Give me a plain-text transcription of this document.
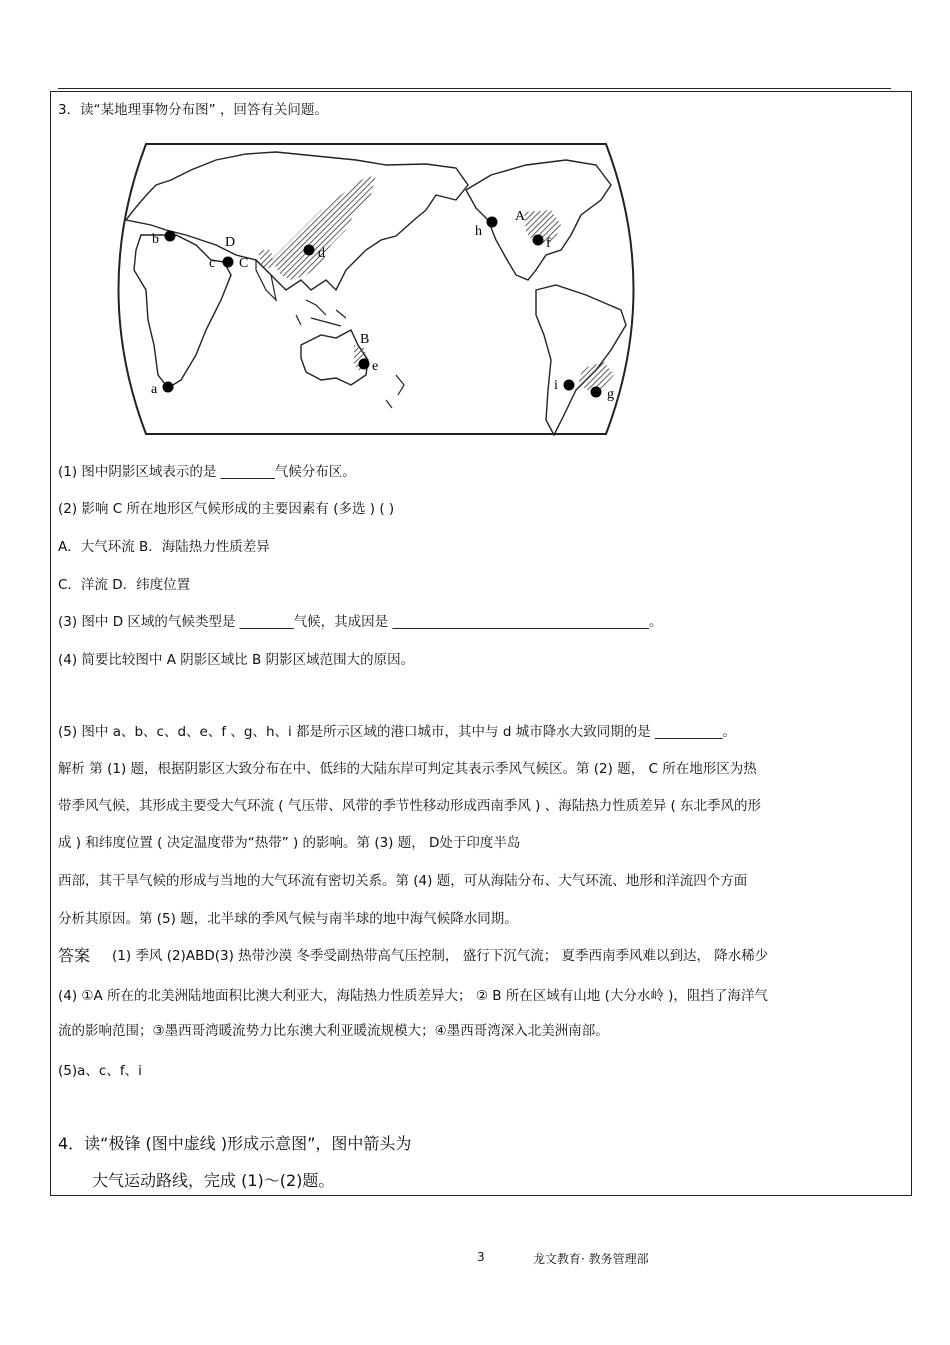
3．读“某地理事物分布图” ，回答有关问题。
b
c C
D
d
A
f
h
B
e
a	i
g
(1) 图中阴影区域表示的是 ________气候分布区。
(2) 影响 C 所在地形区气候形成的主要因素有 (多选 ) ( )
A．大气环流 B．海陆热力性质差异
C．洋流 D．纬度位置
(3) 图中 D 区域的气候类型是 ________气候，其成因是 ______________________________________。
(4) 简要比较图中 A 阴影区域比 B 阴影区域范围大的原因。
(5) 图中 a、b、c、d、e、f 、g、h、i 都是所示区域的港口城市，其中与 d 城市降水大致同期的是 __________。
解析 第 (1) 题，根据阴影区大致分布在中、低纬的大陆东岸可判定其表示季风气候区。第 (2) 题， C 所在地形区为热
带季风气候，其形成主要受大气环流 ( 气压带、风带的季节性移动形成西南季风 ) 、海陆热力性质差异 ( 东北季风的形
成 ) 和纬度位置 ( 决定温度带为“热带” ) 的影响。第 (3) 题， D处于印度半岛
西部，其干旱气候的形成与当地的大气环流有密切关系。第 (4) 题，可从海陆分布、大气环流、地形和洋流四个方面
分析其原因。第 (5) 题，北半球的季风气候与南半球的地中海气候降水同期。
答案 (1) 季风 (2)ABD(3) 热带沙漠 冬季受副热带高气压控制， 盛行下沉气流； 夏季西南季风难以到达， 降水稀少
(4) ①A 所在的北美洲陆地面积比澳大利亚大，海陆热力性质差异大； ② B 所在区域有山地 (大分水岭 )，阻挡了海洋气
流的影响范围；③墨西哥湾暖流势力比东澳大利亚暖流规模大；④墨西哥湾深入北美洲南部。
(5)a、c、f、i
4．读“极锋 (图中虚线 )形成示意图”，图中箭头为
大气运动路线，完成 (1)～(2)题。
3	龙文教育· 教务管理部
